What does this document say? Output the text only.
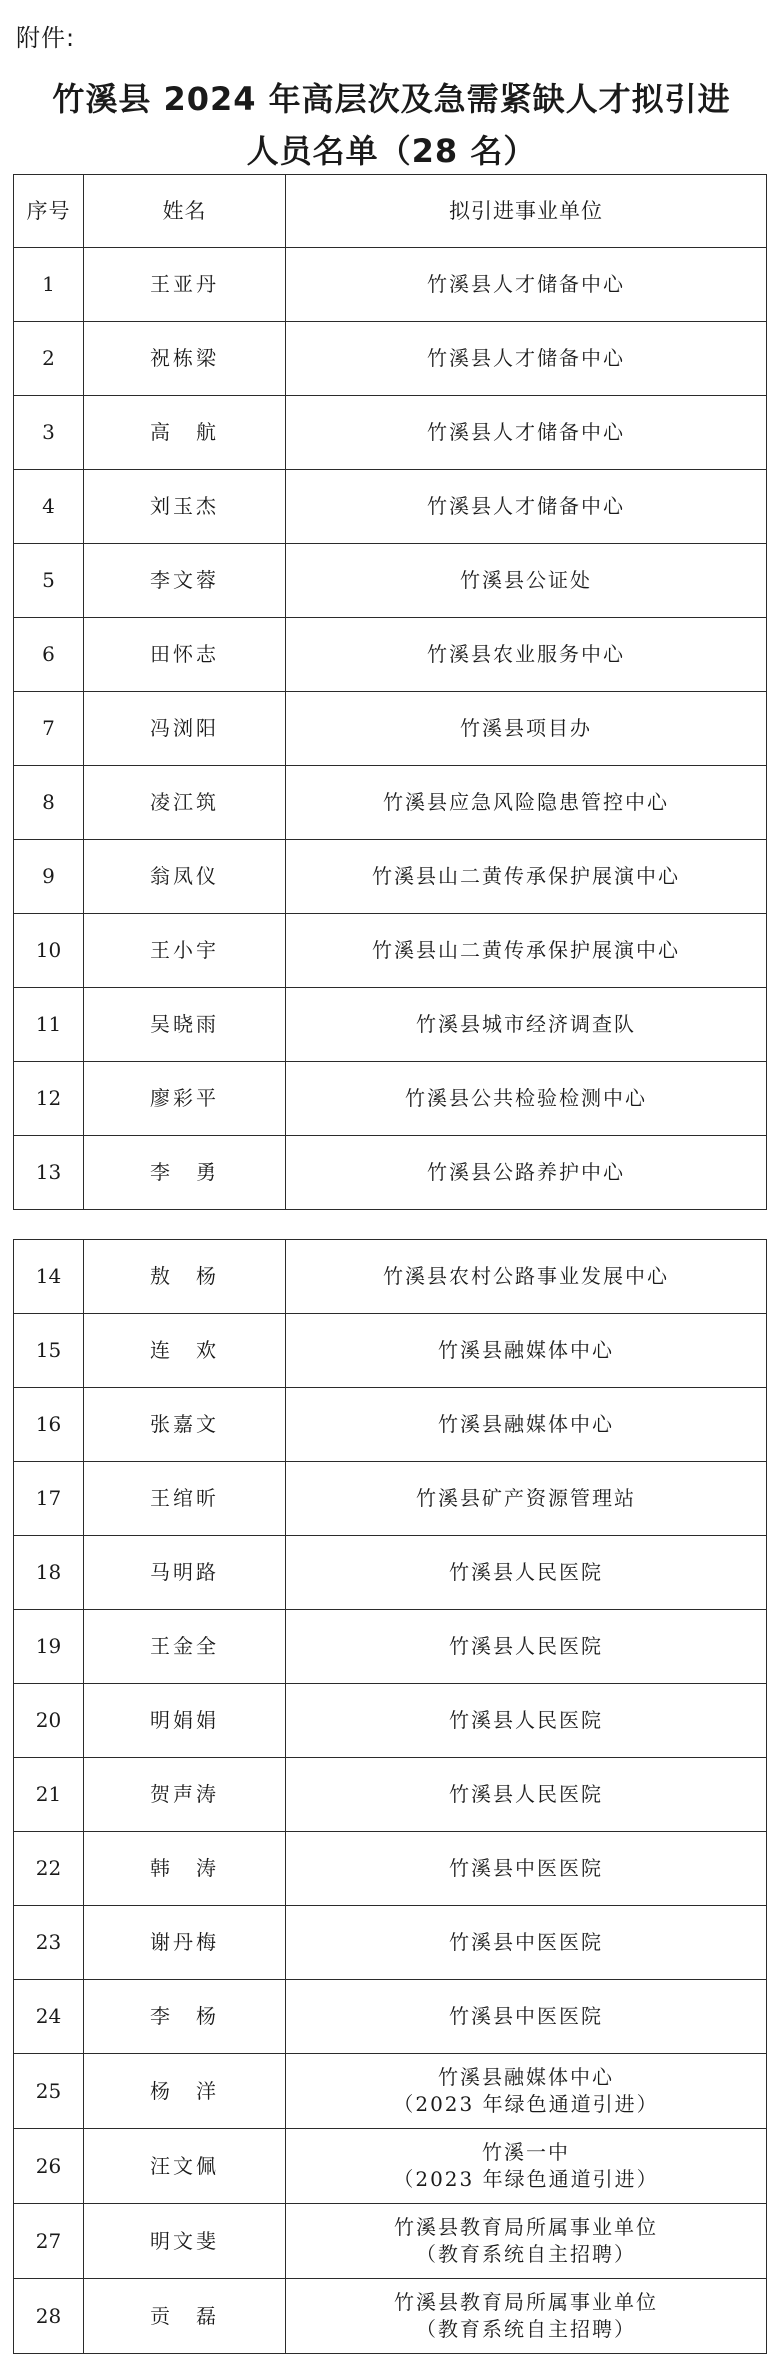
附件:
竹溪县 2024 年高层次及急需紧缺人才拟引进
人员名单（28 名）
序号	姓名	拟引进事业单位
1	王亚丹	竹溪县人才储备中心

2	祝栋梁	竹溪县人才储备中心

3	高　航	竹溪县人才储备中心

4	刘玉杰	竹溪县人才储备中心

5	李文蓉	竹溪县公证处

6	田怀志	竹溪县农业服务中心

7	冯浏阳	竹溪县项目办

8	凌江筑	竹溪县应急风险隐患管控中心

9	翁凤仪	竹溪县山二黄传承保护展演中心

10	王小宇	竹溪县山二黄传承保护展演中心

11	吴晓雨	竹溪县城市经济调查队

12	廖彩平	竹溪县公共检验检测中心

13	李　勇	竹溪县公路养护中心
14	敖　杨	竹溪县农村公路事业发展中心

15	连　欢	竹溪县融媒体中心

16	张嘉文	竹溪县融媒体中心

17	王绾昕	竹溪县矿产资源管理站

18	马明路	竹溪县人民医院

19	王金全	竹溪县人民医院

20	明娟娟	竹溪县人民医院

21	贺声涛	竹溪县人民医院

22	韩　涛	竹溪县中医医院

23	谢丹梅	竹溪县中医医院

24	李　杨	竹溪县中医医院

25	杨　洋	竹溪县融媒体中心
（2023 年绿色通道引进）

26	汪文佩	竹溪一中
（2023 年绿色通道引进）

27	明文斐	竹溪县教育局所属事业单位
（教育系统自主招聘）

28	贡　磊	竹溪县教育局所属事业单位
（教育系统自主招聘）
